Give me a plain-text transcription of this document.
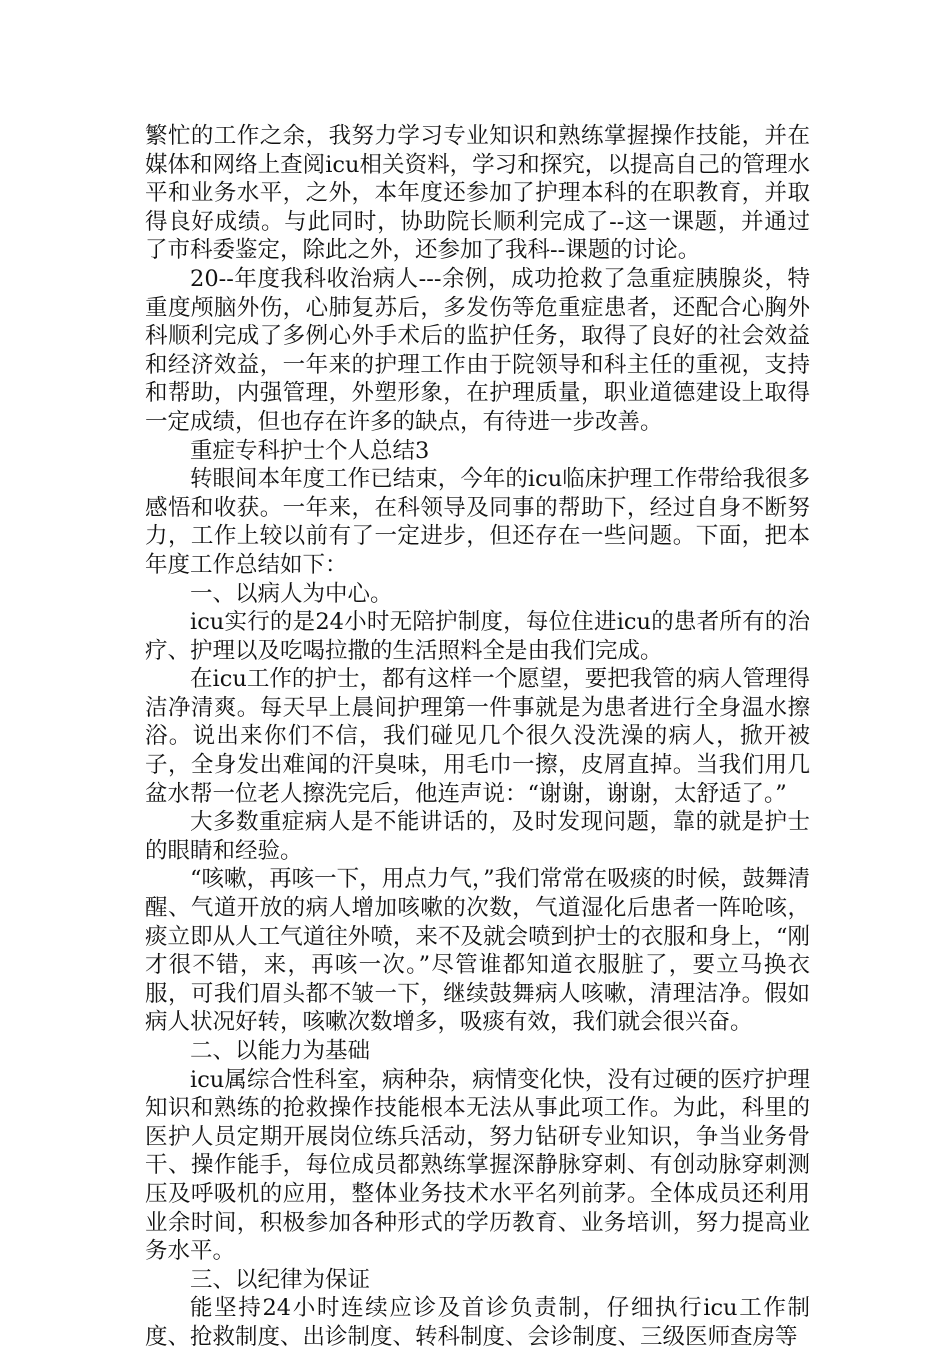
繁忙的工作之余，我努力学习专业知识和熟练掌握操作技能，并在媒体和网络上查阅icu相关资料，学习和探究，以提高自己的管理水平和业务水平，之外，本年度还参加了护理本科的在职教育，并取得良好成绩。与此同时，协助院长顺利完成了--这一课题，并通过了市科委鉴定，除此之外，还参加了我科--课题的讨论。

20--年度我科收治病人---余例，成功抢救了急重症胰腺炎，特重度颅脑外伤，心肺复苏后，多发伤等危重症患者，还配合心胸外科顺利完成了多例心外手术后的监护任务，取得了良好的社会效益和经济效益，一年来的护理工作由于院领导和科主任的重视，支持和帮助，内强管理，外塑形象，在护理质量，职业道德建设上取得一定成绩，但也存在许多的缺点，有待进一步改善。

重症专科护士个人总结3

转眼间本年度工作已结束，今年的icu临床护理工作带给我很多感悟和收获。一年来，在科领导及同事的帮助下，经过自身不断努力，工作上较以前有了一定进步，但还存在一些问题。下面，把本年度工作总结如下：

一、以病人为中心。

icu实行的是24小时无陪护制度，每位住进icu的患者所有的治疗、护理以及吃喝拉撒的生活照料全是由我们完成。

在icu工作的护士，都有这样一个愿望，要把我管的病人管理得洁净清爽。每天早上晨间护理第一件事就是为患者进行全身温水擦浴。说出来你们不信，我们碰见几个很久没洗澡的病人，掀开被子，全身发出难闻的汗臭味，用毛巾一擦，皮屑直掉。当我们用几盆水帮一位老人擦洗完后，他连声说：“谢谢，谢谢，太舒适了。”

大多数重症病人是不能讲话的，及时发现问题，靠的就是护士的眼睛和经验。

“咳嗽，再咳一下，用点力气，”我们常常在吸痰的时候，鼓舞清醒、气道开放的病人增加咳嗽的次数，气道湿化后患者一阵呛咳，痰立即从人工气道往外喷，来不及就会喷到护士的衣服和身上，“刚才很不错，来，再咳一次。”尽管谁都知道衣服脏了，要立马换衣服，可我们眉头都不皱一下，继续鼓舞病人咳嗽，清理洁净。假如病人状况好转，咳嗽次数增多，吸痰有效，我们就会很兴奋。

二、以能力为基础

icu属综合性科室，病种杂，病情变化快，没有过硬的医疗护理知识和熟练的抢救操作技能根本无法从事此项工作。为此，科里的医护人员定期开展岗位练兵活动，努力钻研专业知识，争当业务骨干、操作能手，每位成员都熟练掌握深静脉穿刺、有创动脉穿刺测压及呼吸机的应用，整体业务技术水平名列前茅。全体成员还利用业余时间，积极参加各种形式的学历教育、业务培训，努力提高业务水平。

三、以纪律为保证

能坚持24小时连续应诊及首诊负责制，仔细执行icu工作制度、抢救制度、出诊制度、转科制度、会诊制度、三级医师查房等
